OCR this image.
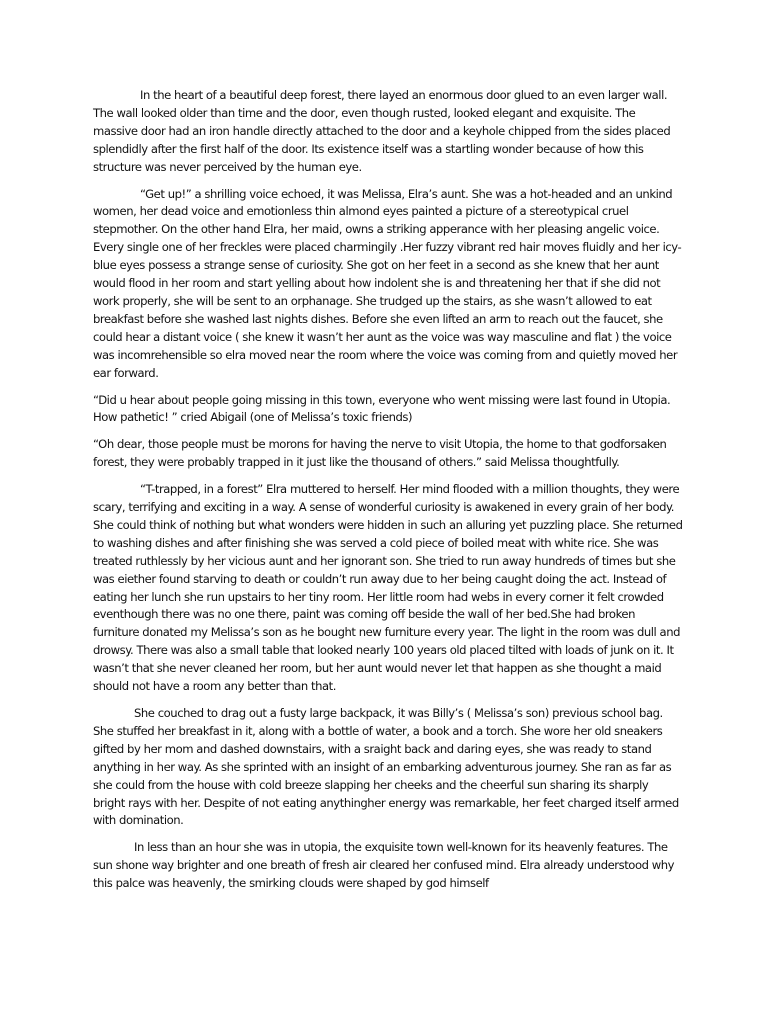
In the heart of a beautiful deep forest, there layed an enormous door glued to an even larger wall. The wall looked older than time and the door, even though rusted, looked elegant and exquisite. The massive door had an iron handle directly attached to the door and a keyhole chipped from the sides placed splendidly after the first half of the door. Its existence itself was a startling wonder because of how this structure was never perceived by the human eye.

“Get up!” a shrilling voice echoed, it was Melissa, Elra’s aunt. She was a hot-headed and an unkind women, her dead voice and emotionless thin almond eyes painted a picture of a stereotypical cruel stepmother. On the other hand Elra, her maid, owns a striking apperance with her pleasing angelic voice. Every single one of her freckles were placed charmingily .Her fuzzy vibrant red hair moves fluidly and her icy-blue eyes possess a strange sense of curiosity. She got on her feet in a second as she knew that her aunt would flood in her room and start yelling about how indolent she is and threatening her that if she did not work properly, she will be sent to an orphanage. She trudged up the stairs, as she wasn’t allowed to eat breakfast before she washed last nights dishes. Before she even lifted an arm to reach out the faucet, she could hear a distant voice ( she knew it wasn’t her aunt as the voice was way masculine and flat ) the voice was incomrehensible so elra moved near the room where the voice was coming from and quietly moved her ear forward.

“Did u hear about people going missing in this town, everyone who went missing were last found in Utopia. How pathetic! ” cried Abigail (one of Melissa’s toxic friends)

“Oh dear, those people must be morons for having the nerve to visit Utopia, the home to that godforsaken forest, they were probably trapped in it just like the thousand of others.” said Melissa thoughtfully.

“T-trapped, in a forest” Elra muttered to herself. Her mind flooded with a million thoughts, they were scary, terrifying and exciting in a way. A sense of wonderful curiosity is awakened in every grain of her body. She could think of nothing but what wonders were hidden in such an alluring yet puzzling place. She returned to washing dishes and after finishing she was served a cold piece of boiled meat with white rice. She was treated ruthlessly by her vicious aunt and her ignorant son. She tried to run away hundreds of times but she was eiether found starving to death or couldn’t run away due to her being caught doing the act. Instead of eating her lunch she run upstairs to her tiny room. Her little room had webs in every corner it felt crowded eventhough there was no one there, paint was coming off beside the wall of her bed.She had broken furniture donated my Melissa’s son as he bought new furniture every year. The light in the room was dull and drowsy. There was also a small table that looked nearly 100 years old placed tilted with loads of junk on it. It wasn’t that she never cleaned her room, but her aunt would never let that happen as she thought a maid should not have a room any better than that.

She couched to drag out a fusty large backpack, it was Billy’s ( Melissa’s son) previous school bag. She stuffed her breakfast in it, along with a bottle of water, a book and a torch. She wore her old sneakers gifted by her mom and dashed downstairs, with a sraight back and daring eyes, she was ready to stand anything in her way. As she sprinted with an insight of an embarking adventurous journey. She ran as far as she could from the house with cold breeze slapping her cheeks and the cheerful sun sharing its sharply bright rays with her. Despite of not eating anythingher energy was remarkable, her feet charged itself armed with domination.

In less than an hour she was in utopia, the exquisite town well-known for its heavenly features. The sun shone way brighter and one breath of fresh air cleared her confused mind. Elra already understood why this palce was heavenly, the smirking clouds were shaped by god himself
